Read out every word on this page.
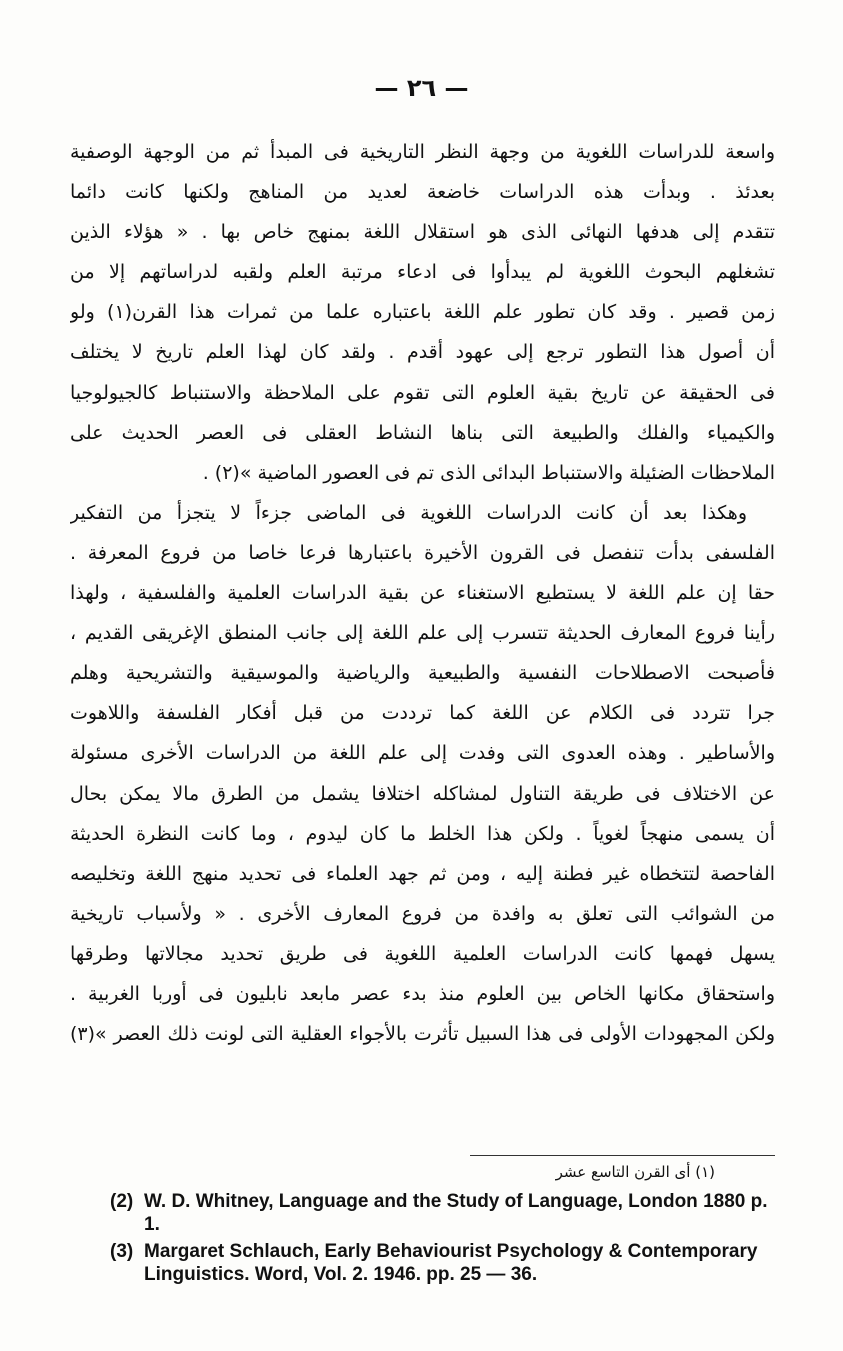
— ٢٦ —
واسعة للدراسات اللغوية من وجهة النظر التاريخية فى المبدأ ثم من الوجهة الوصفية
بعدئذ . وبدأت هذه الدراسات خاضعة لعديد من المناهج ولكنها كانت دائما
تتقدم إلى هدفها النهائى الذى هو استقلال اللغة بمنهج خاص بها . « هؤلاء الذين
تشغلهم البحوث اللغوية لم يبدأوا فى ادعاء مرتبة العلم ولقبه لدراساتهم إلا من
زمن قصير . وقد كان تطور علم اللغة باعتباره علما من ثمرات هذا القرن(١) ولو
أن أصول هذا التطور ترجع إلى عهود أقدم . ولقد كان لهذا العلم تاريخ لا يختلف
فى الحقيقة عن تاريخ بقية العلوم التى تقوم على الملاحظة والاستنباط كالجيولوجيا
والكيمياء والفلك والطبيعة التى بناها النشاط العقلى فى العصر الحديث على
الملاحظات الضئيلة والاستنباط البدائى الذى تم فى العصور الماضية »(٢) .
وهكذا بعد أن كانت الدراسات اللغوية فى الماضى جزءاً لا يتجزأ من التفكير
الفلسفى بدأت تنفصل فى القرون الأخيرة باعتبارها فرعا خاصا من فروع المعرفة .
حقا إن علم اللغة لا يستطيع الاستغناء عن بقية الدراسات العلمية والفلسفية ، ولهذا
رأينا فروع المعارف الحديثة تتسرب إلى علم اللغة إلى جانب المنطق الإغريقى القديم ،
فأصبحت الاصطلاحات النفسية والطبيعية والرياضية والموسيقية والتشريحية وهلم
جرا تتردد فى الكلام عن اللغة كما ترددت من قبل أفكار الفلسفة واللاهوت
والأساطير . وهذه العدوى التى وفدت إلى علم اللغة من الدراسات الأخرى مسئولة
عن الاختلاف فى طريقة التناول لمشاكله اختلافا يشمل من الطرق مالا يمكن بحال
أن يسمى منهجاً لغوياً . ولكن هذا الخلط ما كان ليدوم ، وما كانت النظرة الحديثة
الفاحصة لتتخطاه غير فطنة إليه ، ومن ثم جهد العلماء فى تحديد منهج اللغة وتخليصه
من الشوائب التى تعلق به وافدة من فروع المعارف الأخرى . « ولأسباب تاريخية
يسهل فهمها كانت الدراسات العلمية اللغوية فى طريق تحديد مجالاتها وطرقها
واستحقاق مكانها الخاص بين العلوم منذ بدء عصر مابعد نابليون فى أوربا الغربية .
ولكن المجهودات الأولى فى هذا السبيل تأثرت بالأجواء العقلية التى لونت ذلك العصر »(٣)
(١) أى القرن التاسع عشر
(2) W. D. Whitney, Language and the Study of Language, London 1880 p. 1.
(3) Margaret Schlauch, Early Behaviourist Psychology & Contemporary Linguistics. Word, Vol. 2. 1946. pp. 25 — 36.
